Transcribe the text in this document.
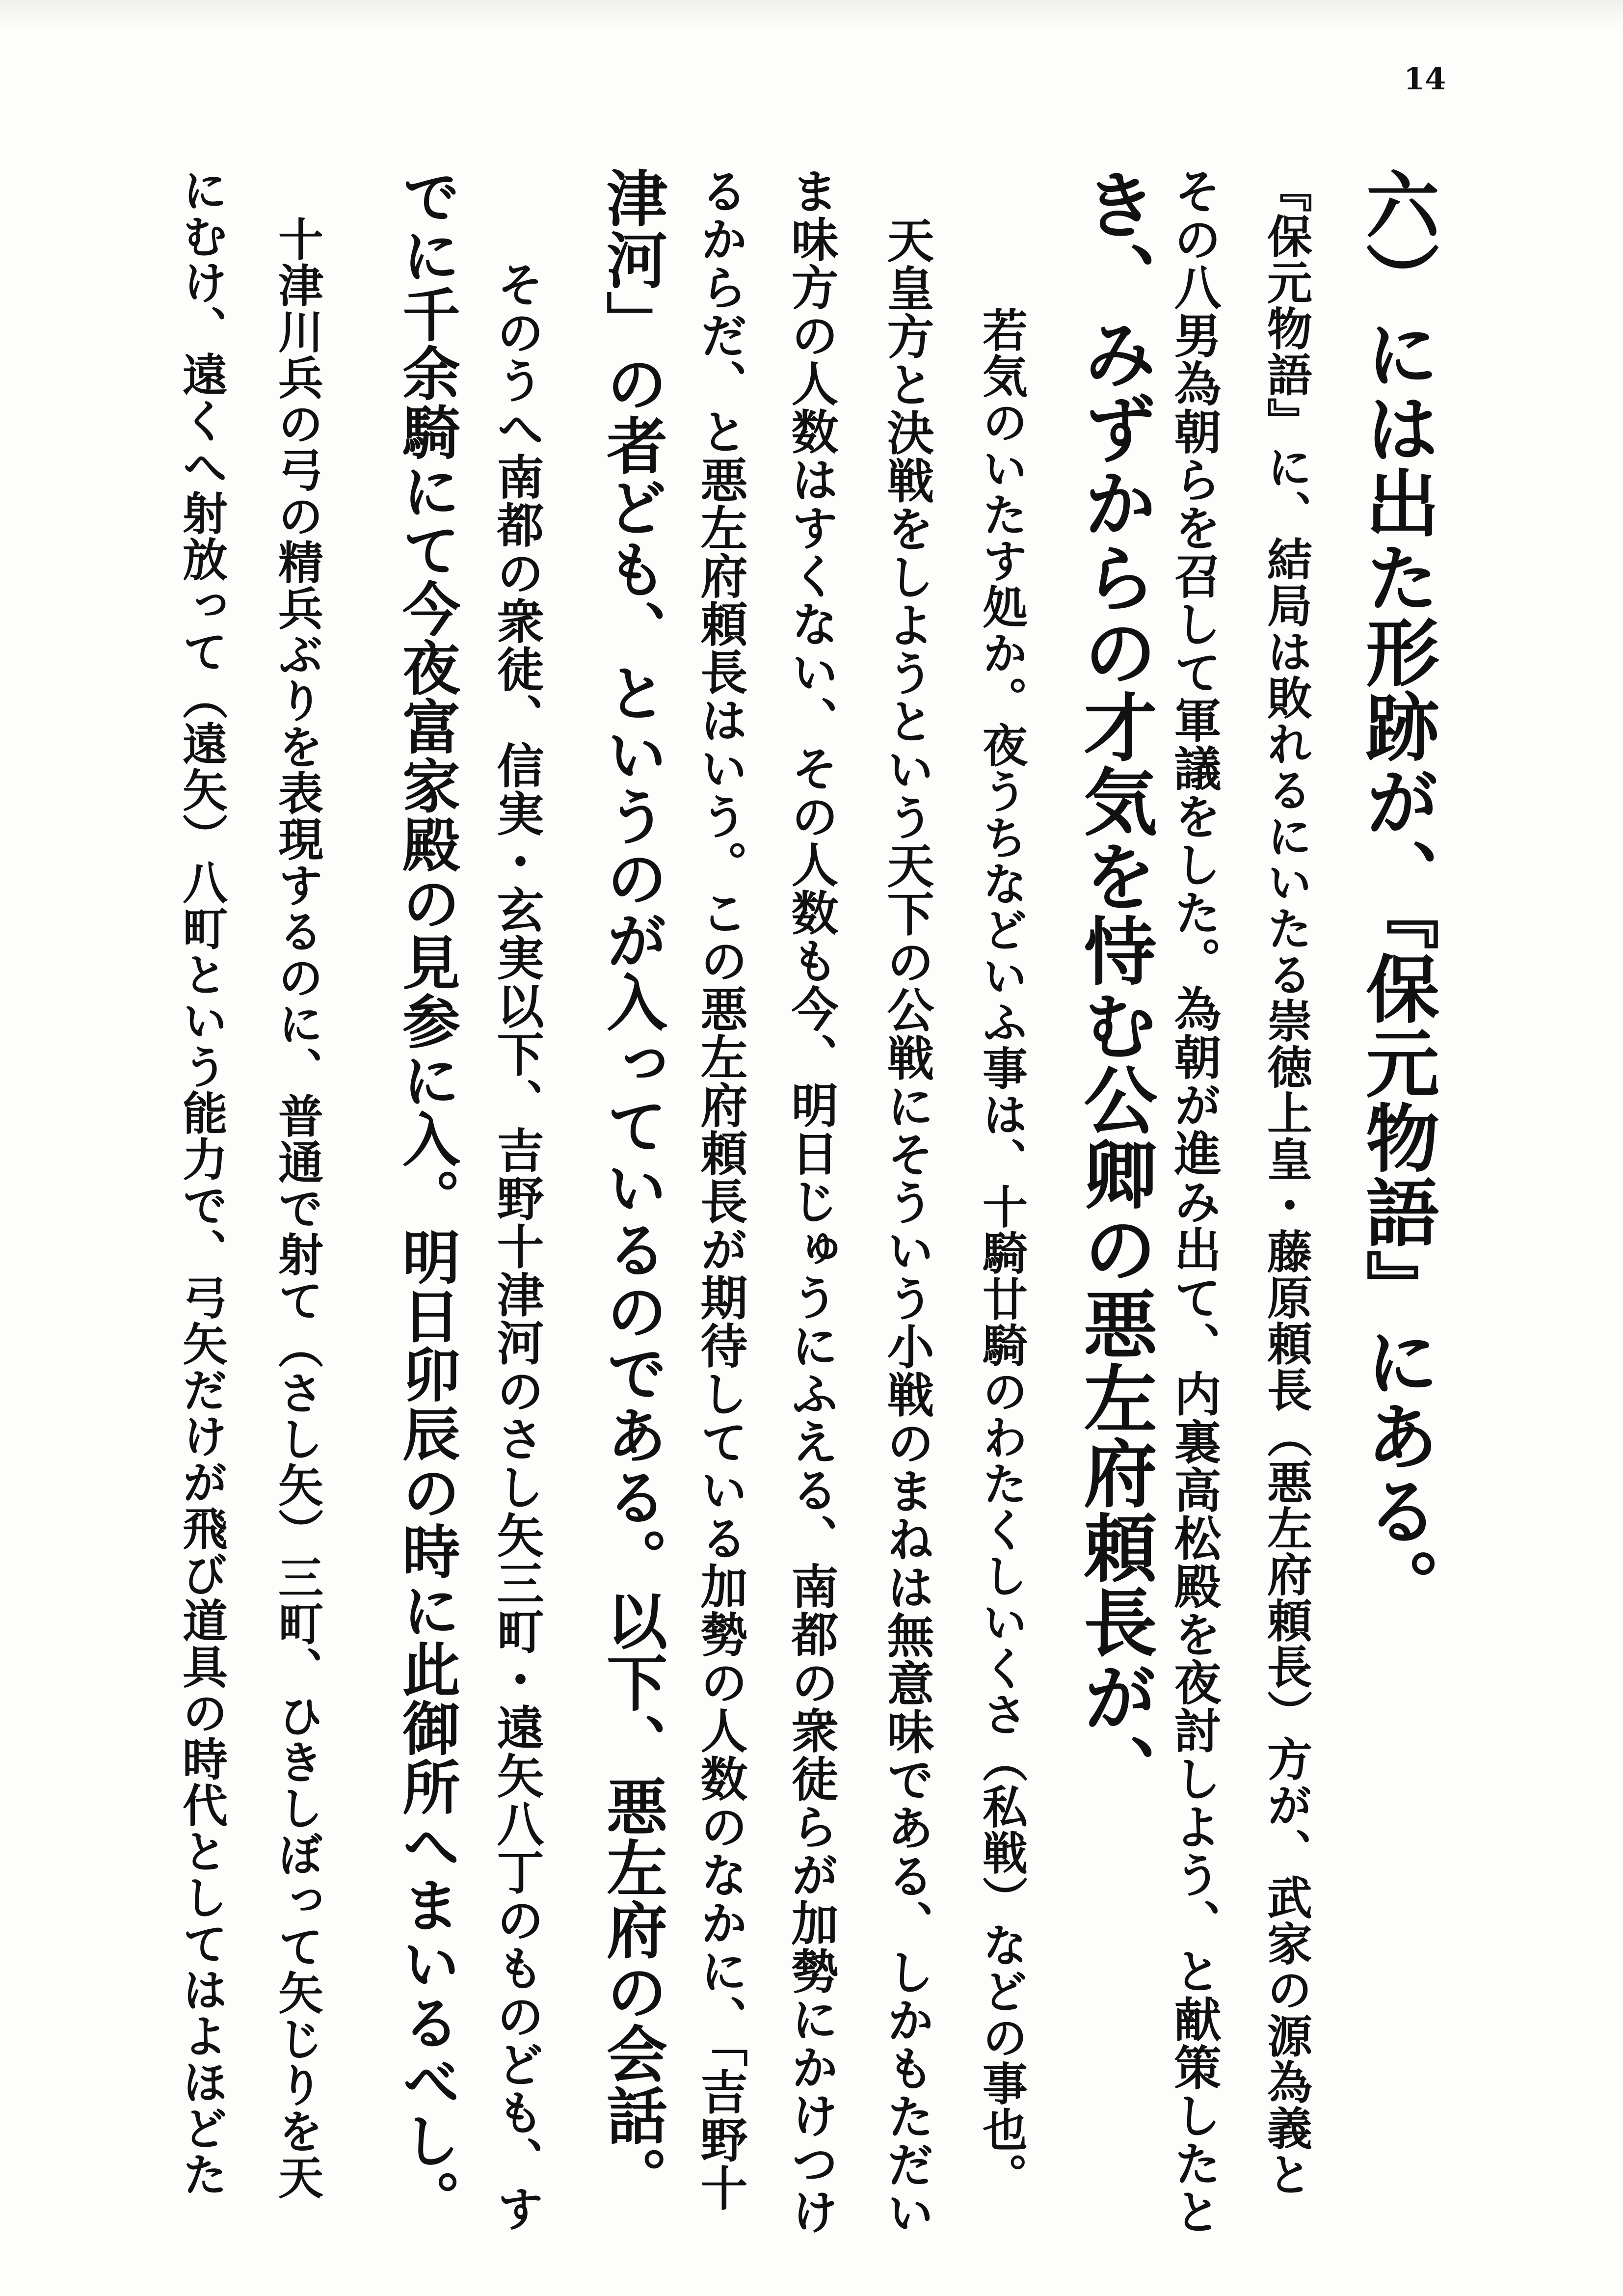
14
六）には出た形跡が、『保元物語』にある。
『保元物語』に、結局は敗れるにいたる崇徳上皇・藤原頼長（悪左府頼長）方が、武家の源為義と
その八男為朝らを召して軍議をした。為朝が進み出て、内裏高松殿を夜討しよう、と献策したと
き、みずからの才気を恃む公卿の悪左府頼長が、
若気のいたす処か。夜うちなどいふ事は、十騎廿騎のわたくしいくさ（私戦）などの事也。
天皇方と決戦をしようという天下の公戦にそういう小戦のまねは無意味である、しかもただい
ま味方の人数はすくない、その人数も今、明日じゅうにふえる、南都の衆徒らが加勢にかけつけ
るからだ、と悪左府頼長はいう。この悪左府頼長が期待している加勢の人数のなかに、「吉野十
津河」の者ども、というのが入っているのである。以下、悪左府の会話。
そのうへ南都の衆徒、信実・玄実以下、吉野十津河のさし矢三町・遠矢八丁のものども、す
でに千余騎にて今夜富家殿の見参に入。明日卯辰の時に此御所へまいるべし。
十津川兵の弓の精兵ぶりを表現するのに、普通で射て（さし矢）三町、ひきしぼって矢じりを天
にむけ、遠くへ射放って（遠矢）八町という能力で、弓矢だけが飛び道具の時代としてはよほどた
